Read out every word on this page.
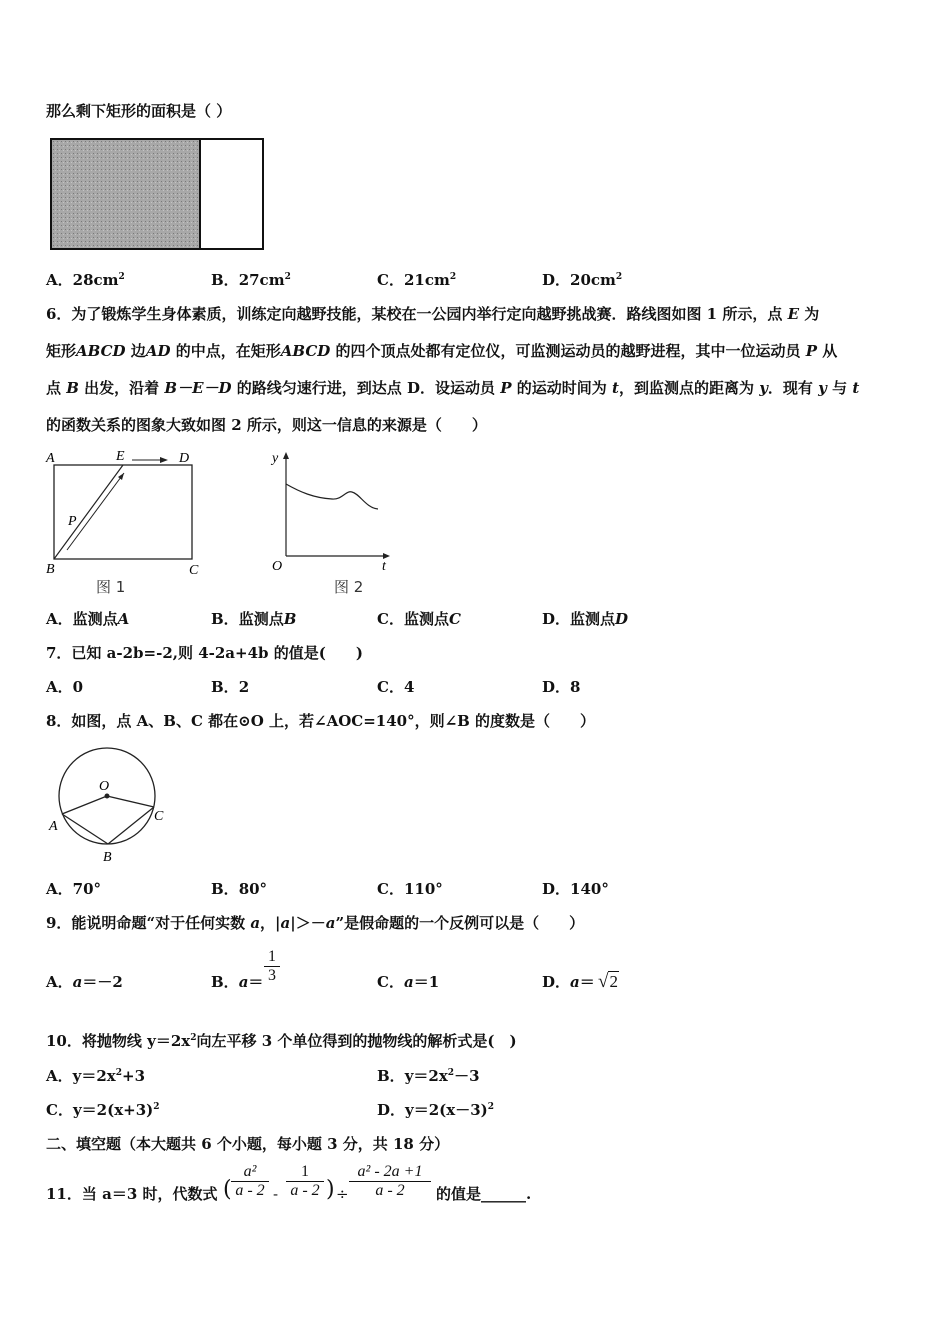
那么剩下矩形的面积是（ ）
A．$28cm^2$	B．$27cm^2$	C．$21cm^2$	D．$20cm^2$
6．为了锻炼学生身体素质，训练定向越野技能，某校在一公园内举行定向越野挑战赛．路线图如图 1 所示，点 E 为
矩形ABCD 边AD 的中点，在矩形ABCD 的四个顶点处都有定位仪，可监测运动员的越野进程，其中一位运动员 P 从
点 B 出发，沿着 B－E－D 的路线匀速行进，到达点 D．设运动员 P 的运动时间为 t，到监测点的距离为 y．现有 y 与 t
的函数关系的图象大致如图 2 所示，则这一信息的来源是（　　）
A	E	D
B	C
P
图 1
y
O	t
图 2
A．监测点A	B．监测点B	C．监测点C	D．监测点D
7．已知 a-2b=-2,则 4-2a+4b 的值是(　　)
A．0	B．2	C．4	D．8
8．如图，点 A、B、C 都在⊙O 上，若∠AOC=140°，则∠B 的度数是（　　）
O
A
B
C
A．70°	B．80°	C．110°	D．140°
9．能说明命题“对于任何实数 a，|a|＞－a”是假命题的一个反例可以是（　　）
A．a＝－2	B．a＝
1
3	C．a＝1	D．a＝ √2
10．将抛物线 $y=2x^2$向左平移 3 个单位得到的抛物线的解析式是(　)
A．$y=2x^2+3$	B．$y=2x^2-3$
C．$y=2(x+3)^2$	D．$y=2(x-3)^2$
二、填空题（本大题共 6 个小题，每小题 3 分，共 18 分）
11．当 a＝3 时，代数式 (
a²
a - 2 -
1
a - 2 ) ÷
a² - 2a +1
a - 2	的值是______.
